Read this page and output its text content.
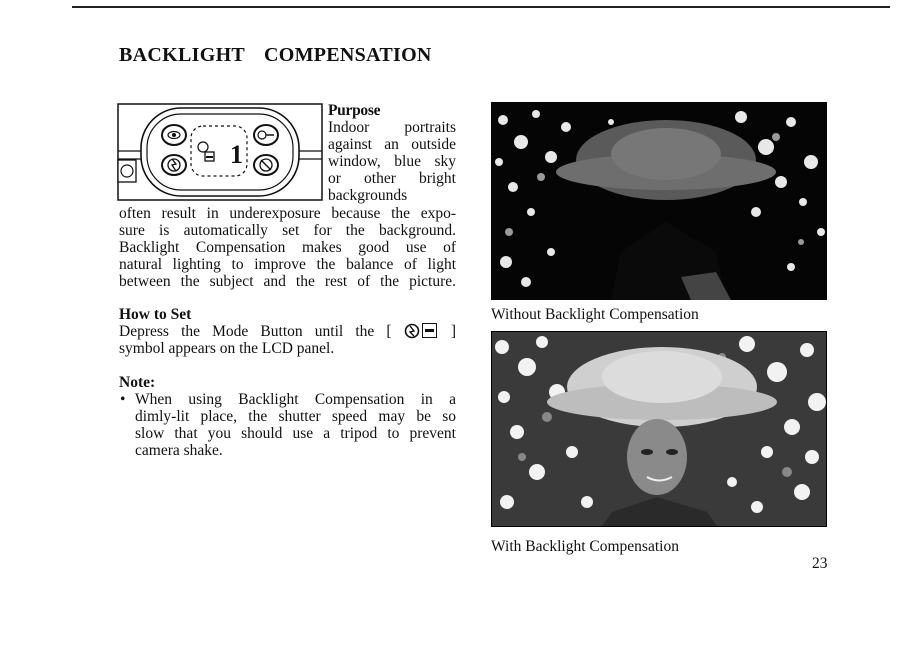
BACKLIGHT COMPENSATION
1
Purpose
Indoor portraits
against an outside
window, blue sky
or other bright
backgrounds
often result in underexposure because the expo-
sure is automatically set for the background.
Backlight Compensation makes good use of
natural lighting to improve the balance of light
between the subject and the rest of the picture.
How to Set
Depress the Mode Button until the [  ]
symbol appears on the LCD panel.
Note:
• When using Backlight Compensation in a
dimly-lit place, the shutter speed may be so
slow that you should use a tripod to prevent
camera shake.
Without Backlight Compensation
With Backlight Compensation
23
